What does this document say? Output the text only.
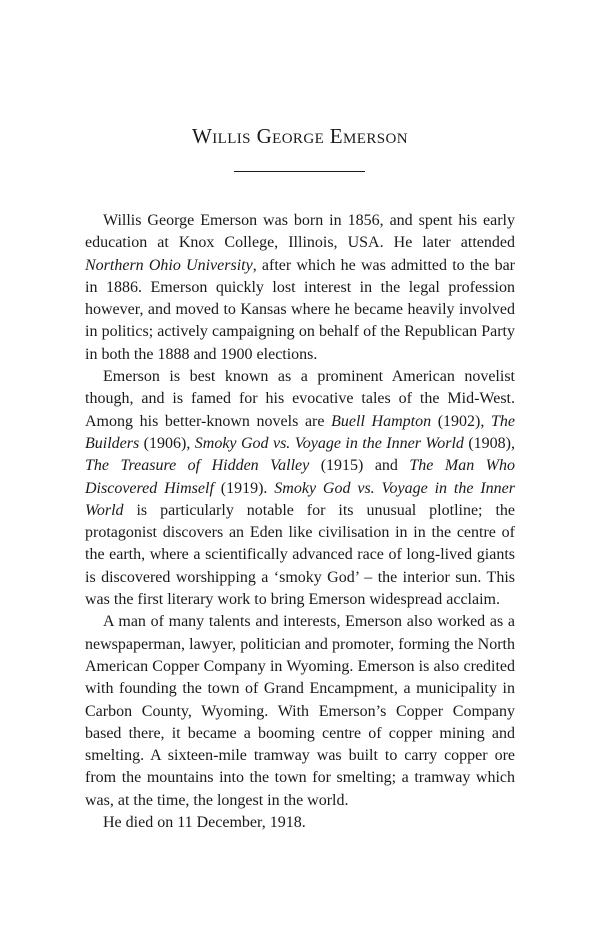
Willis George Emerson

Willis George Emerson was born in 1856, and spent his early education at Knox College, Illinois, USA. He later attended Northern Ohio University, after which he was admitted to the bar in 1886. Emerson quickly lost interest in the legal profession however, and moved to Kansas where he became heavily involved in politics; actively campaigning on behalf of the Republican Party in both the 1888 and 1900 elections.

Emerson is best known as a prominent American novelist though, and is famed for his evocative tales of the Mid-West. Among his better-known novels are Buell Hampton (1902), The Builders (1906), Smoky God vs. Voyage in the Inner World (1908), The Treasure of Hidden Valley (1915) and The Man Who Discovered Himself (1919). Smoky God vs. Voyage in the Inner World is particularly notable for its unusual plotline; the protagonist discovers an Eden like civilisation in in the centre of the earth, where a scientifically advanced race of long-lived giants is discovered worshipping a ‘smoky God’ – the interior sun. This was the first literary work to bring Emerson widespread acclaim.

A man of many talents and interests, Emerson also worked as a newspaperman, lawyer, politician and promoter, forming the North American Copper Company in Wyoming. Emerson is also credited with founding the town of Grand Encampment, a municipality in Carbon County, Wyoming. With Emerson’s Copper Company based there, it became a booming centre of copper mining and smelting. A sixteen-mile tramway was built to carry copper ore from the mountains into the town for smelting; a tramway which was, at the time, the longest in the world.

He died on 11 December, 1918.
